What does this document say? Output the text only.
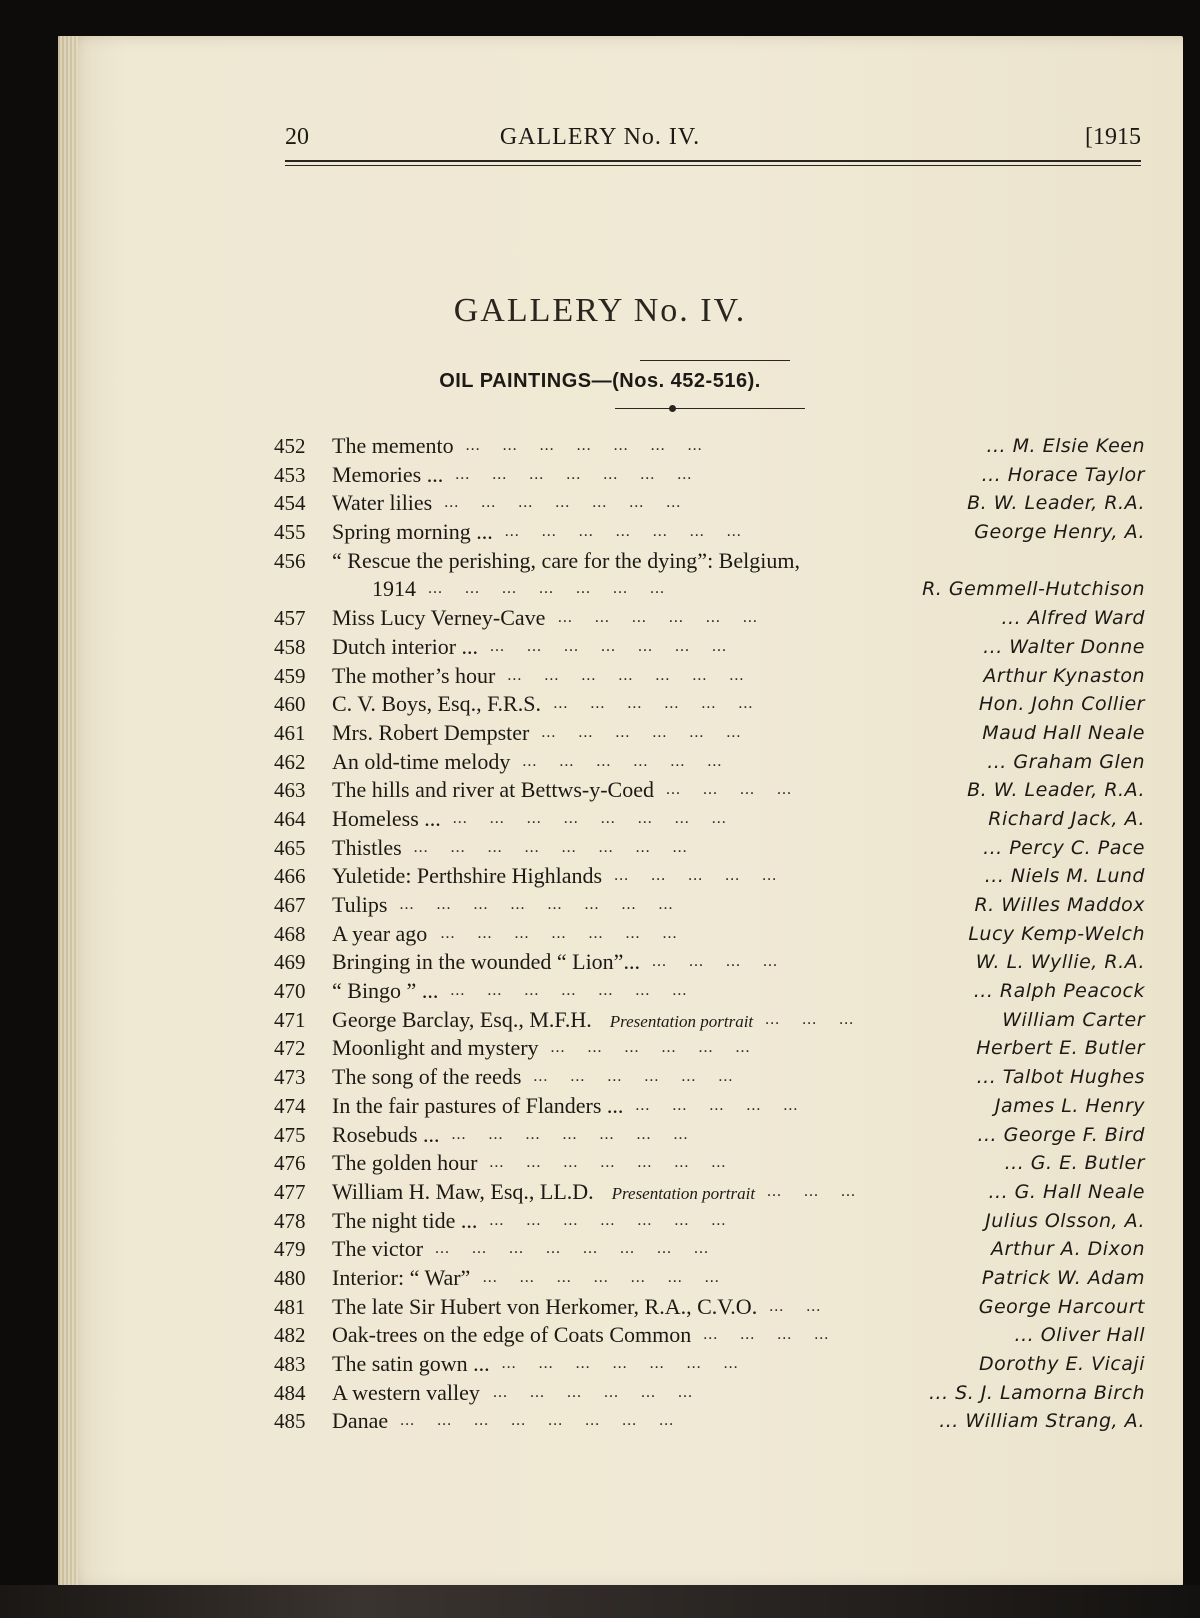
20	GALLERY No. IV.	[1915
GALLERY No. IV.
OIL PAINTINGS—(Nos. 452-516).
452	The memento	... M. Elsie Keen
...  ...  ...  ...  ...  ...  ...
453	Memories ...	... Horace Taylor
...  ...  ...  ...  ...  ...  ...
454	Water lilies	B. W. Leader, R.A.
...  ...  ...  ...  ...  ...  ...
455	Spring morning ...	George Henry, A.
...  ...  ...  ...  ...  ...  ...
456	“ Rescue the perishing, care for the dying”: Belgium,
1914	R. Gemmell-Hutchison
...  ...  ...  ...  ...  ...  ...
457	Miss Lucy Verney-Cave	... Alfred Ward
...  ...  ...  ...  ...  ...
458	Dutch interior ...	... Walter Donne
...  ...  ...  ...  ...  ...  ...
459	The mother’s hour	Arthur Kynaston
...  ...  ...  ...  ...  ...  ...
460	C. V. Boys, Esq., F.R.S.	Hon. John Collier
...  ...  ...  ...  ...  ...
461	Mrs. Robert Dempster	Maud Hall Neale
...  ...  ...  ...  ...  ...
462	An old-time melody	... Graham Glen
...  ...  ...  ...  ...  ...
463	The hills and river at Bettws-y-Coed	B. W. Leader, R.A.
...  ...  ...  ...
464	Homeless ...	Richard Jack, A.
...  ...  ...  ...  ...  ...  ...  ...
465	Thistles	... Percy C. Pace
...  ...  ...  ...  ...  ...  ...  ...
466	Yuletide: Perthshire Highlands	... Niels M. Lund
...  ...  ...  ...  ...
467	Tulips	R. Willes Maddox
...  ...  ...  ...  ...  ...  ...  ...
468	A year ago	Lucy Kemp-Welch
...  ...  ...  ...  ...  ...  ...
469	Bringing in the wounded “ Lion”...	W. L. Wyllie, R.A.
...  ...  ...  ...
470	“ Bingo ” ...	... Ralph Peacock
...  ...  ...  ...  ...  ...  ...
471	George Barclay, Esq., M.F.H. Presentation portrait	William Carter
...  ...  ...
472	Moonlight and mystery	Herbert E. Butler
...  ...  ...  ...  ...  ...
473	The song of the reeds	... Talbot Hughes
...  ...  ...  ...  ...  ...
474	In the fair pastures of Flanders ...	James L. Henry
...  ...  ...  ...  ...
475	Rosebuds ...	... George F. Bird
...  ...  ...  ...  ...  ...  ...
476	The golden hour	... G. E. Butler
...  ...  ...  ...  ...  ...  ...
477	William H. Maw, Esq., LL.D. Presentation portrait	... G. Hall Neale
...  ...  ...
478	The night tide ...	Julius Olsson, A.
...  ...  ...  ...  ...  ...  ...
479	The victor	Arthur A. Dixon
...  ...  ...  ...  ...  ...  ...  ...
480	Interior: “ War”	Patrick W. Adam
...  ...  ...  ...  ...  ...  ...
481	The late Sir Hubert von Herkomer, R.A., C.V.O.	George Harcourt
...  ...
482	Oak-trees on the edge of Coats Common	... Oliver Hall
...  ...  ...  ...
483	The satin gown ...	Dorothy E. Vicaji
...  ...  ...  ...  ...  ...  ...
484	A western valley	... S. J. Lamorna Birch
...  ...  ...  ...  ...  ...
485	Danae	... William Strang, A.
...  ...  ...  ...  ...  ...  ...  ...
